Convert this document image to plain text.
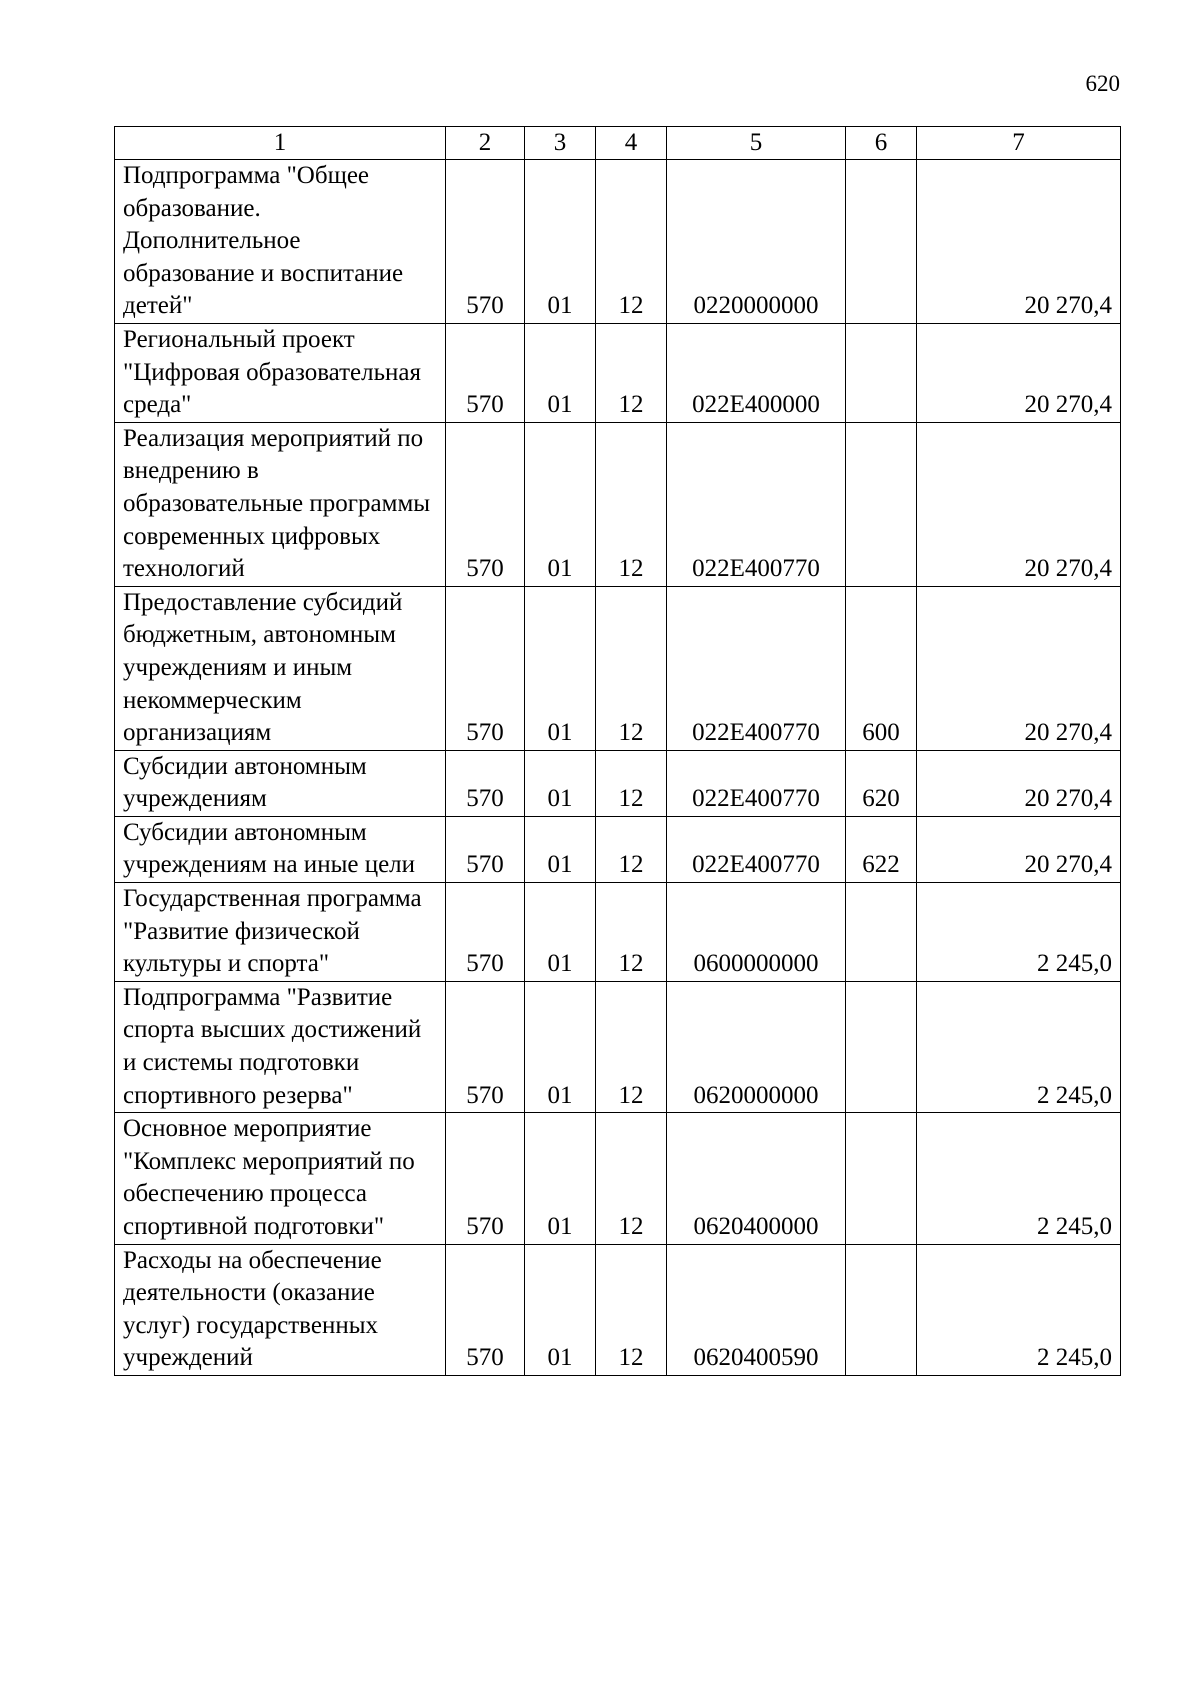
620
1	2	3	4	5	6	7
Подпрограмма "Общее образование. Дополнительное образование и воспитание детей"	570	01	12	0220000000		20 270,4
Региональный проект "Цифровая образовательная среда"	570	01	12	022E400000		20 270,4
Реализация мероприятий по внедрению в образовательные программы современных цифровых технологий	570	01	12	022E400770		20 270,4
Предоставление субсидий бюджетным, автономным учреждениям и иным некоммерческим организациям	570	01	12	022E400770	600	20 270,4
Субсидии автономным учреждениям	570	01	12	022E400770	620	20 270,4
Субсидии автономным учреждениям на иные цели	570	01	12	022E400770	622	20 270,4
Государственная программа "Развитие физической культуры и спорта"	570	01	12	0600000000		2 245,0
Подпрограмма "Развитие спорта высших достижений и системы подготовки спортивного резерва"	570	01	12	0620000000		2 245,0
Основное мероприятие "Комплекс мероприятий по обеспечению процесса спортивной подготовки"	570	01	12	0620400000		2 245,0
Расходы на обеспечение деятельности (оказание услуг) государственных учреждений	570	01	12	0620400590		2 245,0
